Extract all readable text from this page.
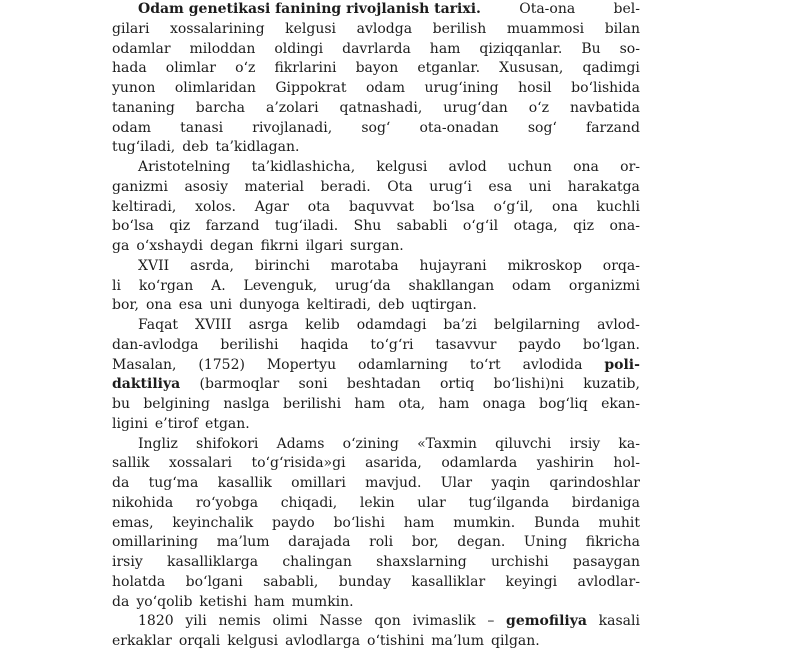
Odam genetikasi fanining rivojlanish tarixi.	Ota-ona	bel-
gilari xossalarining kelgusi avlodga berilish muammosi bilan
odamlar miloddan oldingi davrlarda ham qiziqqanlar. Bu so-
hada olimlar o‘z fikrlarini bayon etganlar. Xususan, qadimgi
yunon olimlaridan Gippokrat odam urug‘ining hosil bo‘lishida
tananing barcha a’zolari qatnashadi, urug‘dan o‘z navbatida
odam tanasi rivojlanadi, sog‘ ota-onadan sog‘ farzand
tug‘iladi, deb ta’kidlagan.
Aristotelning ta’kidlashicha, kelgusi avlod uchun ona or-
ganizmi asosiy material beradi. Ota urug‘i esa uni harakatga
keltiradi, xolos. Agar ota baquvvat bo‘lsa o‘g‘il, ona kuchli
bo‘lsa qiz farzand tug‘iladi. Shu sababli o‘g‘il otaga, qiz ona-
ga o‘xshaydi degan fikrni ilgari surgan.
XVII asrda, birinchi marotaba hujayrani mikroskop orqa-
li ko‘rgan A. Levenguk, urug‘da shakllangan odam organizmi
bor, ona esa uni dunyoga keltiradi, deb uqtirgan.
Faqat XVIII asrga kelib odamdagi ba’zi belgilarning avlod-
dan-avlodga berilishi haqida to‘g‘ri tasavvur paydo bo‘lgan.
Masalan, (1752) Mopertyu odamlarning to‘rt avlodida poli-
daktiliya (barmoqlar soni beshtadan ortiq bo‘lishi)ni kuzatib,
bu belgining naslga berilishi ham ota, ham onaga bog‘liq ekan-
ligini e’tirof etgan.
Ingliz shifokori Adams o‘zining «Taxmin qiluvchi irsiy ka-
sallik xossalari to‘g‘risida»gi asarida, odamlarda yashirin hol-
da tug‘ma kasallik omillari mavjud. Ular yaqin qarindoshlar
nikohida ro‘yobga chiqadi, lekin ular tug‘ilganda birdaniga
emas, keyinchalik paydo bo‘lishi ham mumkin. Bunda muhit
omillarining ma’lum darajada roli bor, degan. Uning fikricha
irsiy kasalliklarga chalingan shaxslarning urchishi pasaygan
holatda bo‘lgani sababli, bunday kasalliklar keyingi avlodlar-
da yo‘qolib ketishi ham mumkin.
1820 yili nemis olimi Nasse qon ivimaslik – gemofiliya kasali
erkaklar orqali kelgusi avlodlarga o‘tishini ma’lum qilgan.
